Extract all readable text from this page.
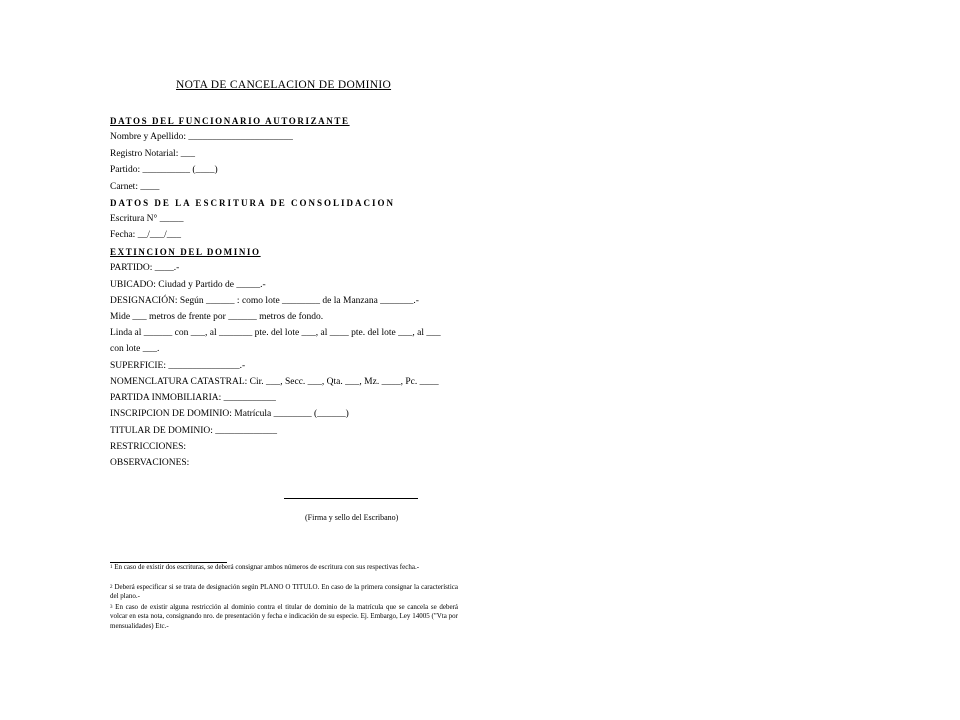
NOTA DE CANCELACION DE DOMINIO
DATOS DEL FUNCIONARIO AUTORIZANTE
Nombre y Apellido: ______________________
Registro Notarial: ___
Partido: __________ (____)
Carnet: ____
DATOS DE LA ESCRITURA DE CONSOLIDACION
Escritura N° _____
Fecha: __/___/___
EXTINCION DEL DOMINIO
PARTIDO: ____.-
UBICADO: Ciudad y Partido de _____.-
DESIGNACIÓN: Según ______ : como lote ________ de la Manzana _______.-
Mide ___ metros de frente por ______ metros de fondo.
Linda al ______ con ___, al _______ pte. del lote ___, al ____ pte. del lote ___, al ___
con lote ___.
SUPERFICIE: _______________.-
NOMENCLATURA CATASTRAL: Cir. ___, Secc. ___, Qta. ___, Mz. ____, Pc. ____
PARTIDA INMOBILIARIA: ___________
INSCRIPCION DE DOMINIO: Matrícula ________ (______)
TITULAR DE DOMINIO: _____________
RESTRICCIONES:
OBSERVACIONES:
(Firma y sello del Escribano)
$^1$ En caso de existir dos escrituras, se deberá consignar ambos números de escritura con sus respectivas fecha.-
$^2$ Deberá especificar si se trata de designación según PLANO O TITULO. En caso de la primera consignar la característica del plano.-
$^3$ En caso de existir alguna restricción al dominio contra el titular de dominio de la matrícula que se cancela se deberá volcar en esta nota, consignando nro. de presentación y fecha e indicación de su especie. Ej. Embargo, Ley 14005 ("Vta por mensualidades) Etc.-
